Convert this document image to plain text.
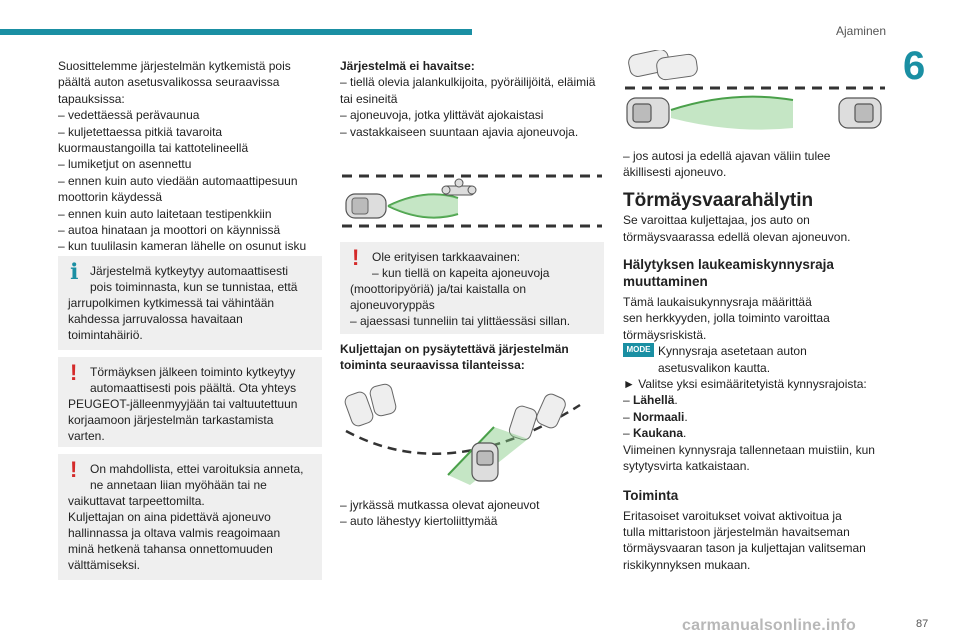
Ajaminen
6
87
carmanualsonline.info
Suosittelemme järjestelmän kytkemistä pois
päältä auton asetusvalikossa seuraavissa
tapauksissa:
– vedettäessä perävaunua
– kuljetettaessa pitkiä tavaroita
kuormaustangoilla tai kattotelineellä
– lumiketjut on asennettu
– ennen kuin auto viedään automaattipesuun
moottorin käydessä
– ennen kuin auto laitetaan testipenkkiin
– autoa hinataan ja moottori on käynnissä
– kun tuulilasin kameran lähelle on osunut isku
ℹ Järjestelmä kytkeytyy automaattisesti
pois toiminnasta, kun se tunnistaa, että
jarrupolkimen kytkimessä tai vähintään
kahdessa jarruvalossa havaitaan
toimintahäiriö.
!	Törmäyksen jälkeen toiminto kytkeytyy
automaattisesti pois päältä. Ota yhteys
PEUGEOT-jälleenmyyjään tai valtuutettuun
korjaamoon järjestelmän tarkastamista
varten.
!	On mahdollista, ettei varoituksia anneta,
ne annetaan liian myöhään tai ne
vaikuttavat tarpeettomilta.
Kuljettajan on aina pidettävä ajoneuvo
hallinnassa ja oltava valmis reagoimaan
minä hetkenä tahansa onnettomuuden
välttämiseksi.
Järjestelmä ei havaitse:
– tiellä olevia jalankulkijoita, pyöräilijöitä, eläimiä
tai esineitä
– ajoneuvoja, jotka ylittävät ajokaistasi
– vastakkaiseen suuntaan ajavia ajoneuvoja.
!	Ole erityisen tarkkaavainen:
– kun tiellä on kapeita ajoneuvoja
(moottoripyöriä) ja/tai kaistalla on
ajoneuvoryppäs
– ajaessasi tunneliin tai ylittäessäsi sillan.
Kuljettajan on pysäytettävä järjestelmän
toiminta seuraavissa tilanteissa:
– jyrkässä mutkassa olevat ajoneuvot
– auto lähestyy kiertoliittymää
– jos autosi ja edellä ajavan väliin tulee
äkillisesti ajoneuvo.

Törmäysvaarahälytin

Se varoittaa kuljettajaa, jos auto on
törmäysvaarassa edellä olevan ajoneuvon.
Hälytyksen laukeamiskynnysraja
muuttaminen
Tämä laukaisukynnysraja määrittää
sen herkkyyden, jolla toiminto varoittaa
törmäysriskistä.
MODE Kynnysraja asetetaan auton
asetusvalikon kautta.
► Valitse yksi esimääritetyistä kynnysrajoista:
– Lähellä.
– Normaali.
– Kaukana.
Viimeinen kynnysraja tallennetaan muistiin, kun
sytytysvirta katkaistaan.
Toiminta
Eritasoiset varoitukset voivat aktivoitua ja
tulla mittaristoon järjestelmän havaitseman
törmäysvaaran tason ja kuljettajan valitseman
riskikynnyksen mukaan.
